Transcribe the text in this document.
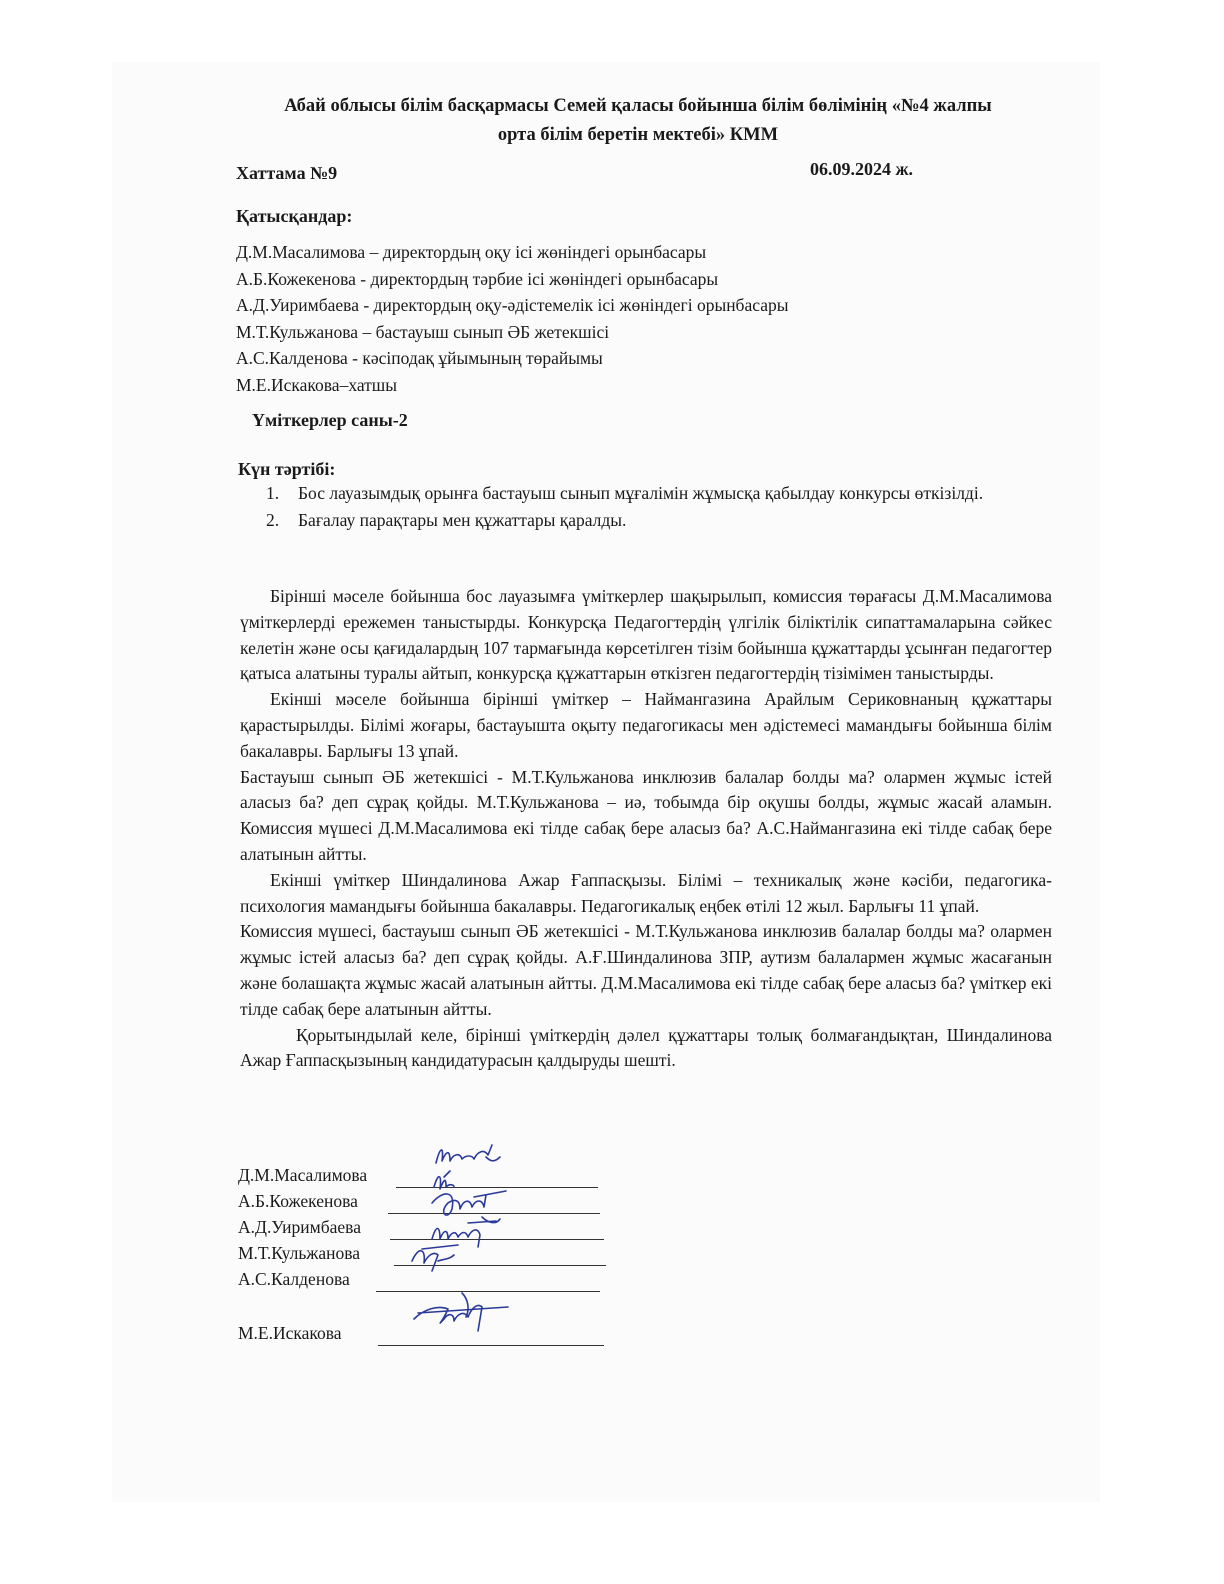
Абай облысы білім басқармасы Семей қаласы бойынша білім бөлімінің «№4 жалпы
орта білім беретін мектебі» КММ
Хаттама №9	06.09.2024 ж.
Қатысқандар:
Д.М.Масалимова – директордың оқу ісі жөніндегі орынбасары
А.Б.Кожекенова - директордың тәрбие ісі жөніндегі орынбасары
А.Д.Уиримбаева - директордың оқу-әдістемелік ісі жөніндегі орынбасары
М.Т.Кульжанова – бастауыш сынып ӘБ жетекшісі
А.С.Калденова - кәсіподақ ұйымының төрайымы
М.Е.Искакова–хатшы
Үміткерлер саны-2
Күн тәртібі:
1.	Бос лауазымдық орынға бастауыш сынып мұғалімін жұмысқа қабылдау конкурсы өткізілді.
2.	Бағалау парақтары мен құжаттары қаралды.

Бірінші мәселе бойынша бос лауазымға үміткерлер шақырылып, комиссия төрағасы Д.М.Масалимова үміткерлерді ережемен таныстырды. Конкурсқа Педагогтердің үлгілік біліктілік сипаттамаларына сәйкес келетін және осы қағидалардың 107 тармағында көрсетілген тізім бойынша құжаттарды ұсынған педагогтер қатыса алатыны туралы айтып, конкурсқа құжаттарын өткізген педагогтердің тізімімен таныстырды.

Екінші мәселе бойынша бірінші үміткер – Наймангазина Арайлым Сериковнаның құжаттары қарастырылды. Білімі жоғары, бастауышта оқыту педагогикасы мен әдістемесі мамандығы бойынша білім бакалавры. Барлығы 13 ұпай.

Бастауыш сынып ӘБ жетекшісі - М.Т.Кульжанова инклюзив балалар болды ма? олармен жұмыс істей аласыз ба? деп сұрақ қойды. М.Т.Кульжанова – иә, тобымда бір оқушы болды, жұмыс жасай аламын. Комиссия мүшесі Д.М.Масалимова екі тілде сабақ бере аласыз ба? А.С.Наймангазина екі тілде сабақ бере алатынын айтты.

Екінші үміткер Шиндалинова Ажар Ғаппасқызы. Білімі – техникалық және кәсіби, педагогика-психология мамандығы бойынша бакалавры. Педагогикалық еңбек өтілі 12 жыл. Барлығы 11 ұпай.

Комиссия мүшесі, бастауыш сынып ӘБ жетекшісі - М.Т.Кульжанова инклюзив балалар болды ма? олармен жұмыс істей аласыз ба? деп сұрақ қойды. А.Ғ.Шиндалинова ЗПР, аутизм балалармен жұмыс жасағанын және болашақта жұмыс жасай алатынын айтты. Д.М.Масалимова екі тілде сабақ бере аласыз ба? үміткер екі тілде сабақ бере алатынын айтты.

Қорытындылай келе, бірінші үміткердің дәлел құжаттары толық болмағандықтан, Шиндалинова Ажар Ғаппасқызының кандидатурасын қалдыруды шешті.

Д.М.Масалимова
А.Б.Кожекенова
А.Д.Уиримбаева
М.Т.Кульжанова
А.С.Калденова
М.Е.Искакова
